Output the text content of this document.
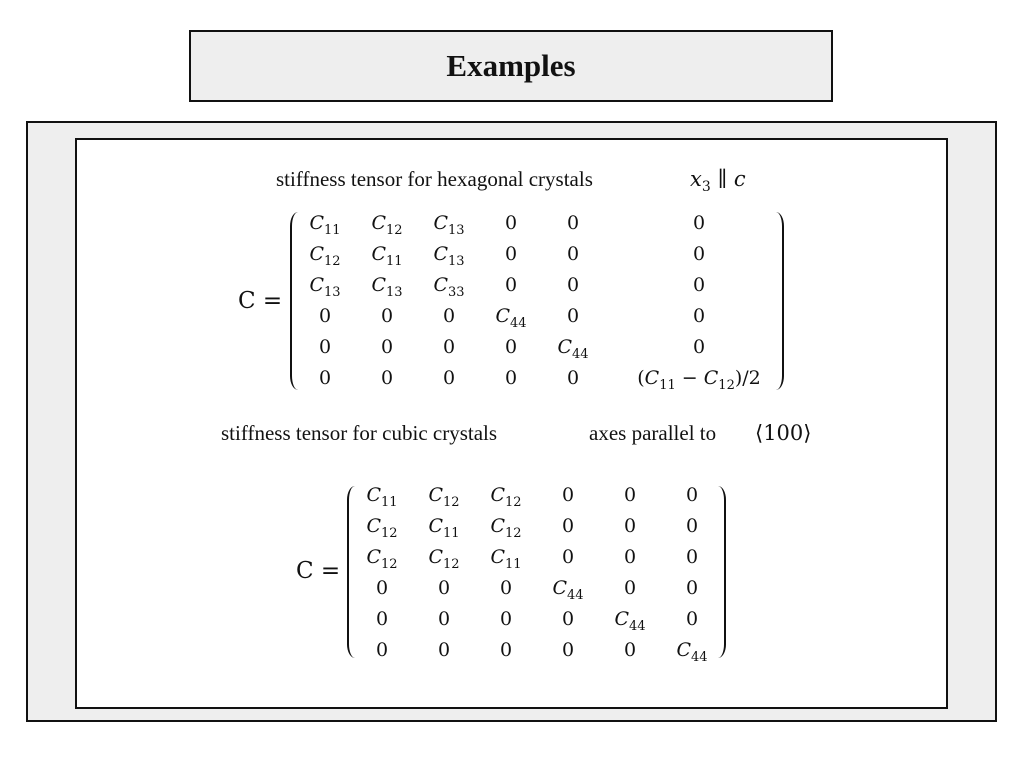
Examples
stiffness tensor for hexagonal crystals	$x_3$ ∥ c
C =
$C_{11}$	$C_{12}$	$C_{13}$	0	0	0
$C_{12}$	$C_{11}$	$C_{13}$	0	0	0
$C_{13}$	$C_{13}$	$C_{33}$	0	0	0
0	0	0	$C_{44}$	0	0
0	0	0	0	$C_{44}$	0
0	0	0	0	0	$(C_{11} - C_{12})/2$
stiffness tensor for cubic crystals	axes parallel to ⟨100⟩
C =
$C_{11}$	$C_{12}$	$C_{12}$	0	0	0
$C_{12}$	$C_{11}$	$C_{12}$	0	0	0
$C_{12}$	$C_{12}$	$C_{11}$	0	0	0
0	0	0	$C_{44}$	0	0
0	0	0	0	$C_{44}$	0
0	0	0	0	0	$C_{44}$
